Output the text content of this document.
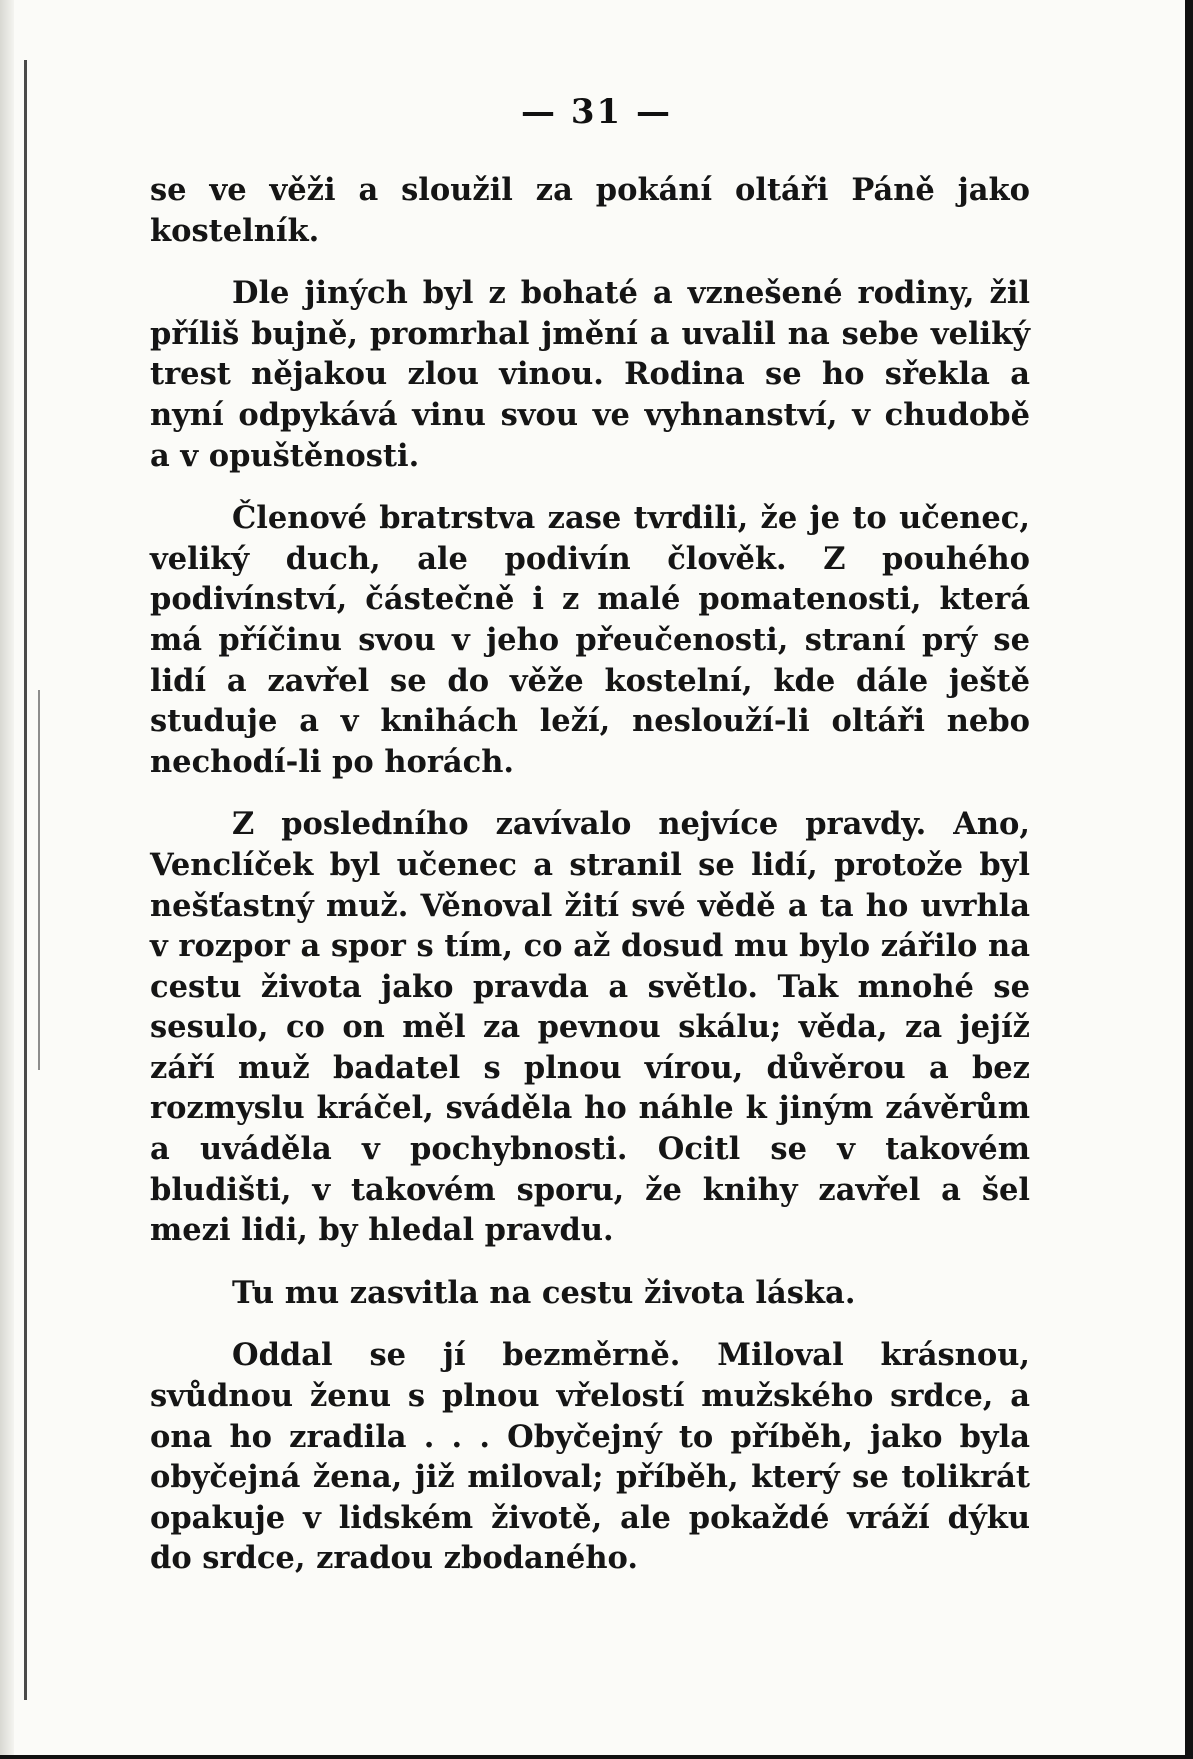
— 31 —

se ve věži a sloužil za pokání oltáři Páně jako kostelník.

Dle jiných byl z bohaté a vznešené rodiny, žil příliš bujně, promrhal jmění a uvalil na sebe veliký trest nějakou zlou vinou. Rodina se ho sřekla a nyní odpykává vinu svou ve vyhnanství, v chudobě a v opuštěnosti.

Členové bratrstva zase tvrdili, že je to učenec, veliký duch, ale podivín člověk. Z pouhého podivínství, částečně i z malé pomatenosti, která má příčinu svou v jeho přeučenosti, straní prý se lidí a zavřel se do věže kostelní, kde dále ještě studuje a v knihách leží, neslouží-li oltáři nebo nechodí-li po horách.

Z posledního zavívalo nejvíce pravdy. Ano, Venclíček byl učenec a stranil se lidí, protože byl nešťastný muž. Věnoval žití své vědě a ta ho uvrhla v rozpor a spor s tím, co až dosud mu bylo zářilo na cestu života jako pravda a světlo. Tak mnohé se sesulo, co on měl za pevnou skálu; věda, za jejíž září muž badatel s plnou vírou, důvěrou a bez rozmyslu kráčel, sváděla ho náhle k jiným závěrům a uváděla v pochybnosti. Ocitl se v takovém bludišti, v takovém sporu, že knihy zavřel a šel mezi lidi, by hledal pravdu.

Tu mu zasvitla na cestu života láska.

Oddal se jí bezměrně. Miloval krásnou, svůdnou ženu s plnou vřelostí mužského srdce, a ona ho zradila . . . Obyčejný to příběh, jako byla obyčejná žena, již miloval; příběh, který se tolikrát opakuje v lidském životě, ale pokaždé vráží dýku do srdce, zradou zbodaného.
